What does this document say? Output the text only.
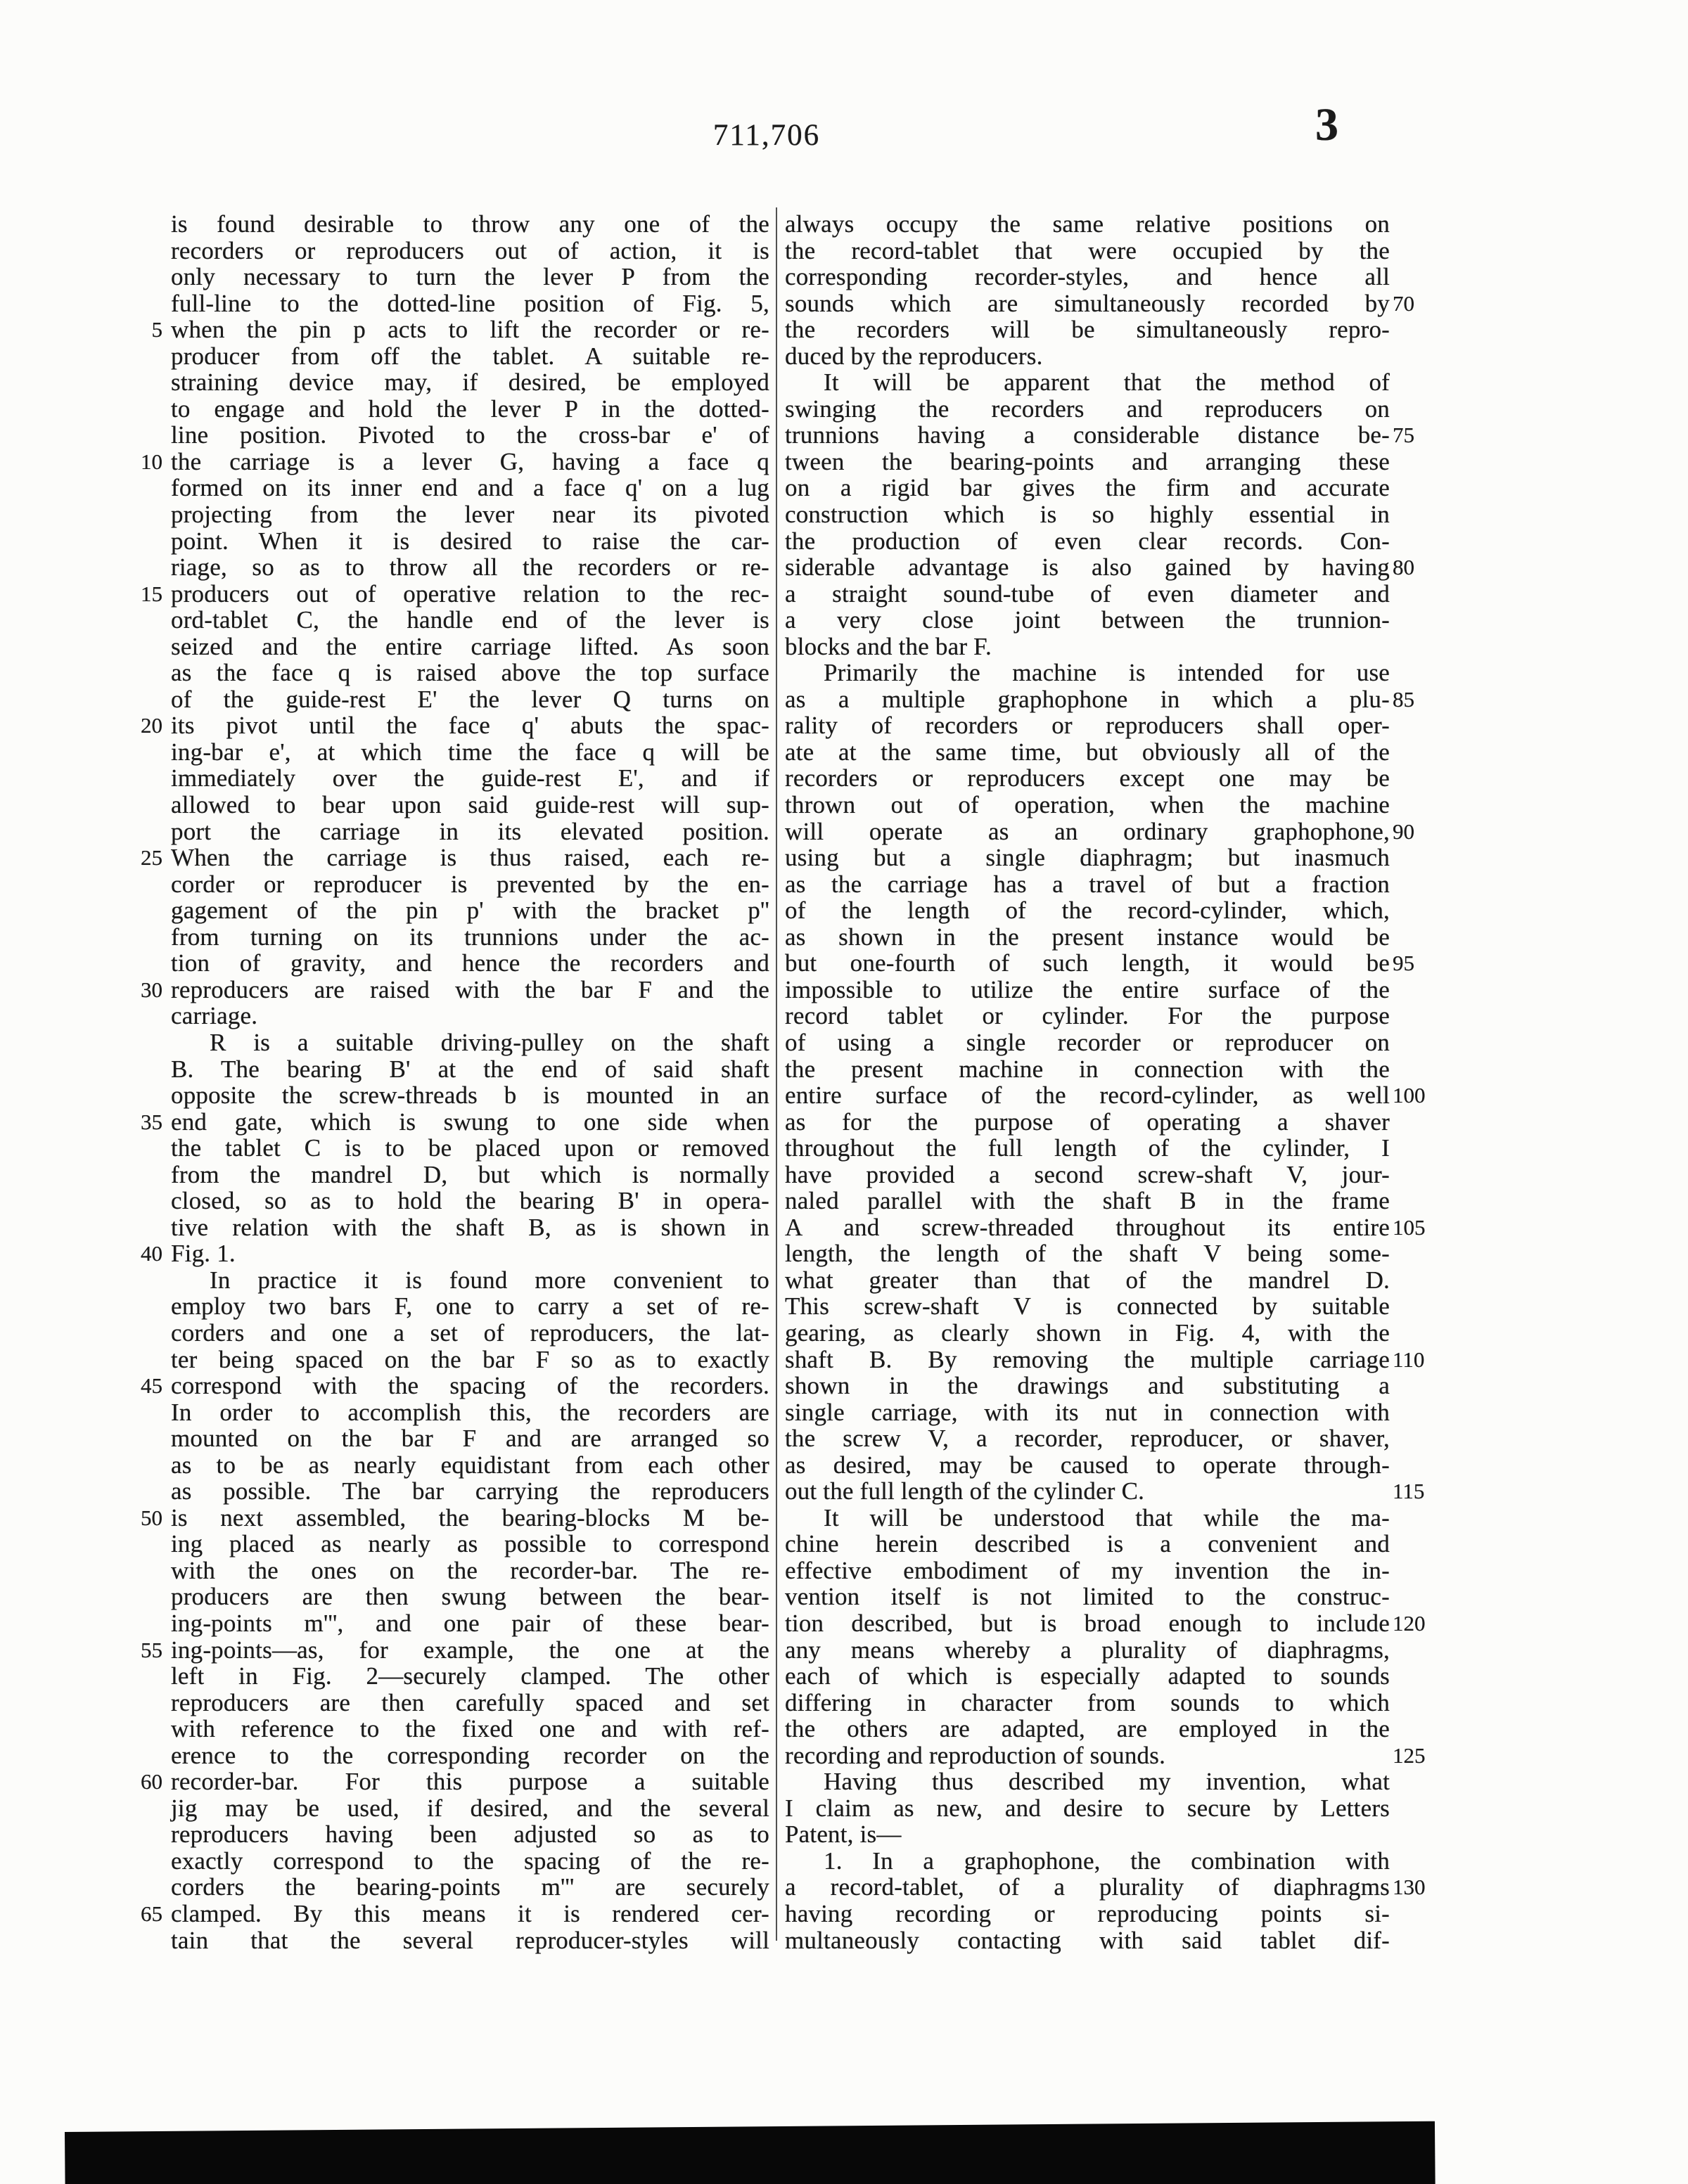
711,706	3
is found desirable to throw any one of the
recorders or reproducers out of action, it is
only necessary to turn the lever P from the
full-line to the dotted-line position of Fig. 5,
5 when the pin p acts to lift the recorder or re-
producer from off the tablet. A suitable re-
straining device may, if desired, be employed
to engage and hold the lever P in the dotted-
line position. Pivoted to the cross-bar e' of
10 the carriage is a lever G, having a face q
formed on its inner end and a face q' on a lug
projecting from the lever near its pivoted
point. When it is desired to raise the car-
riage, so as to throw all the recorders or re-
15 producers out of operative relation to the rec-
ord-tablet C, the handle end of the lever is
seized and the entire carriage lifted. As soon
as the face q is raised above the top surface
of the guide-rest E' the lever Q turns on
20 its pivot until the face q' abuts the spac-
ing-bar e', at which time the face q will be
immediately over the guide-rest E', and if
allowed to bear upon said guide-rest will sup-
port the carriage in its elevated position.
25 When the carriage is thus raised, each re-
corder or reproducer is prevented by the en-
gagement of the pin p' with the bracket p''
from turning on its trunnions under the ac-
tion of gravity, and hence the recorders and
30 reproducers are raised with the bar F and the
carriage.
R is a suitable driving-pulley on the shaft
B. The bearing B' at the end of said shaft
opposite the screw-threads b is mounted in an
35 end gate, which is swung to one side when
the tablet C is to be placed upon or removed
from the mandrel D, but which is normally
closed, so as to hold the bearing B' in opera-
tive relation with the shaft B, as is shown in
40 Fig. 1.
In practice it is found more convenient to
employ two bars F, one to carry a set of re-
corders and one a set of reproducers, the lat-
ter being spaced on the bar F so as to exactly
45 correspond with the spacing of the recorders.
In order to accomplish this, the recorders are
mounted on the bar F and are arranged so
as to be as nearly equidistant from each other
as possible. The bar carrying the reproducers
50 is next assembled, the bearing-blocks M be-
ing placed as nearly as possible to correspond
with the ones on the recorder-bar. The re-
producers are then swung between the bear-
ing-points m''', and one pair of these bear-
55 ing-points—as, for example, the one at the
left in Fig. 2—securely clamped. The other
reproducers are then carefully spaced and set
with reference to the fixed one and with ref-
erence to the corresponding recorder on the
60 recorder-bar. For this purpose a suitable
jig may be used, if desired, and the several
reproducers having been adjusted so as to
exactly correspond to the spacing of the re-
corders the bearing-points m''' are securely
65 clamped. By this means it is rendered cer-
tain that the several reproducer-styles will
always occupy the same relative positions on
the record-tablet that were occupied by the
corresponding recorder-styles, and hence all
70
sounds which are simultaneously recorded by
the recorders will be simultaneously repro-
duced by the reproducers.
It will be apparent that the method of
swinging the recorders and reproducers on
75
trunnions having a considerable distance be-
tween the bearing-points and arranging these
on a rigid bar gives the firm and accurate
construction which is so highly essential in
the production of even clear records. Con-
80
siderable advantage is also gained by having
a straight sound-tube of even diameter and
a very close joint between the trunnion-
blocks and the bar F.
Primarily the machine is intended for use
85
as a multiple graphophone in which a plu-
rality of recorders or reproducers shall oper-
ate at the same time, but obviously all of the
recorders or reproducers except one may be
thrown out of operation, when the machine
90
will operate as an ordinary graphophone,
using but a single diaphragm; but inasmuch
as the carriage has a travel of but a fraction
of the length of the record-cylinder, which,
as shown in the present instance would be
95
but one-fourth of such length, it would be
impossible to utilize the entire surface of the
record tablet or cylinder. For the purpose
of using a single recorder or reproducer on
the present machine in connection with the
100
entire surface of the record-cylinder, as well
as for the purpose of operating a shaver
throughout the full length of the cylinder, I
have provided a second screw-shaft V, jour-
naled parallel with the shaft B in the frame
105
A and screw-threaded throughout its entire
length, the length of the shaft V being some-
what greater than that of the mandrel D.
This screw-shaft V is connected by suitable
gearing, as clearly shown in Fig. 4, with the
110
shaft B. By removing the multiple carriage
shown in the drawings and substituting a
single carriage, with its nut in connection with
the screw V, a recorder, reproducer, or shaver,
as desired, may be caused to operate through-
115
out the full length of the cylinder C.
It will be understood that while the ma-
chine herein described is a convenient and
effective embodiment of my invention the in-
vention itself is not limited to the construc-
120
tion described, but is broad enough to include
any means whereby a plurality of diaphragms,
each of which is especially adapted to sounds
differing in character from sounds to which
the others are adapted, are employed in the
125
recording and reproduction of sounds.
Having thus described my invention, what
I claim as new, and desire to secure by Letters
Patent, is—
1. In a graphophone, the combination with
130
a record-tablet, of a plurality of diaphragms
having recording or reproducing points si-
multaneously contacting with said tablet dif-
